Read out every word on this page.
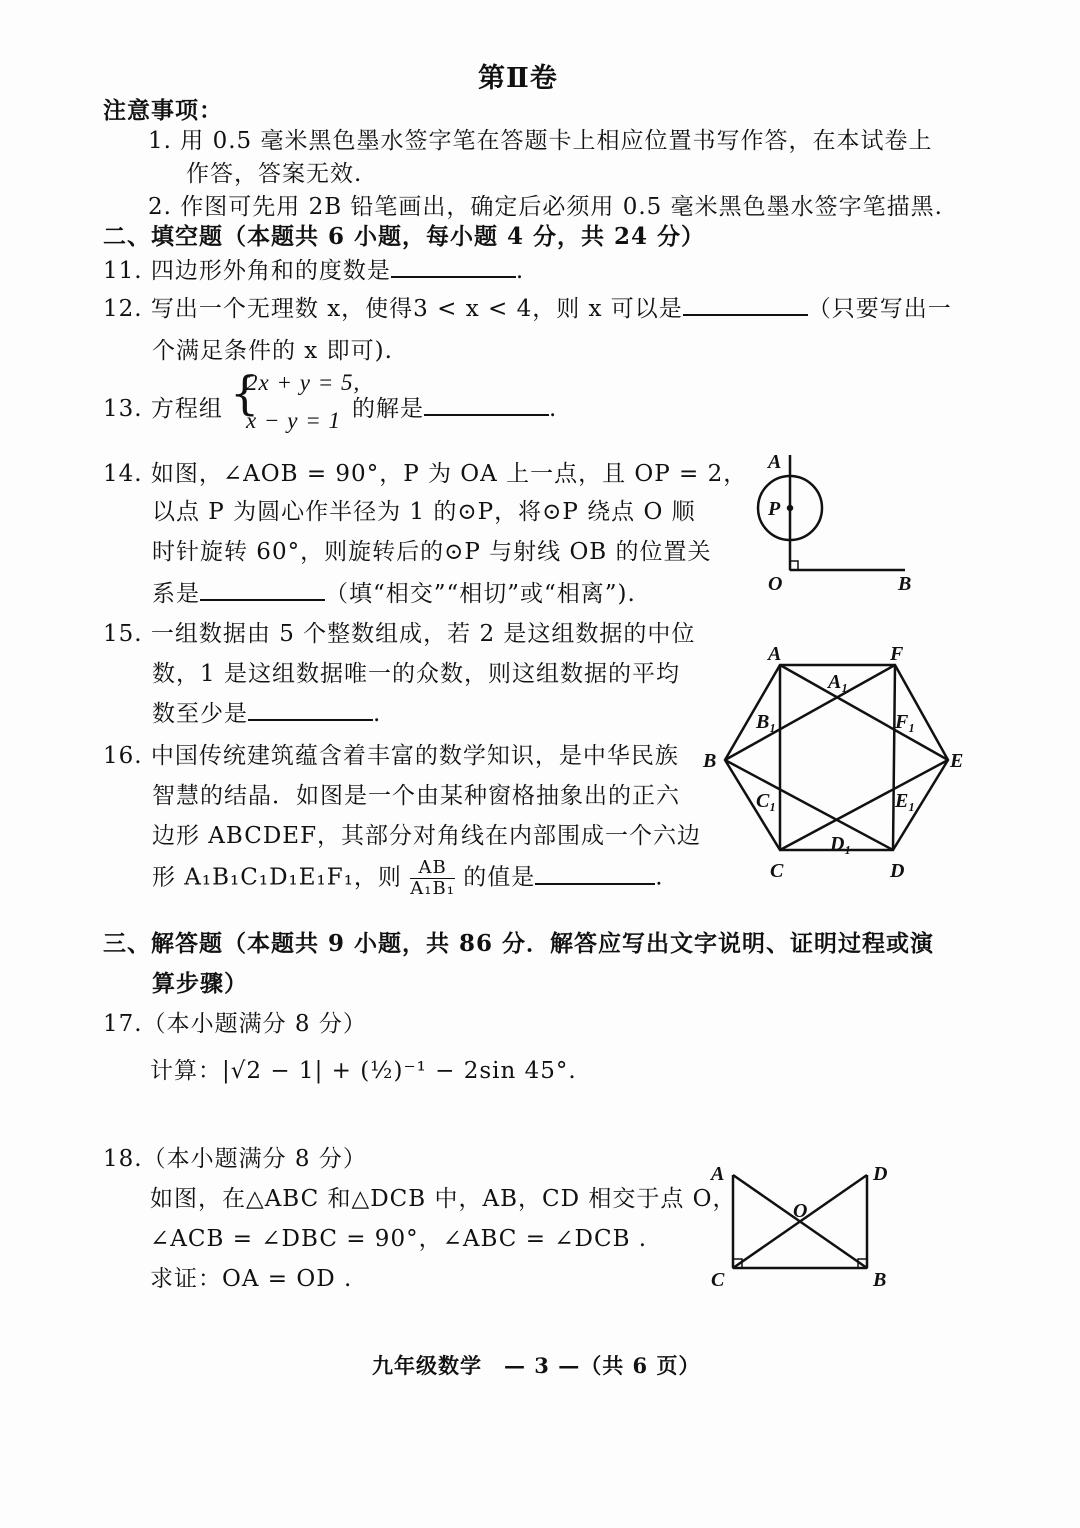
第Ⅱ卷
注意事项：
1. 用 0.5 毫米黑色墨水签字笔在答题卡上相应位置书写作答，在本试卷上
作答，答案无效.
2. 作图可先用 2B 铅笔画出，确定后必须用 0.5 毫米黑色墨水签字笔描黑.
二、填空题（本题共 6 小题，每小题 4 分，共 24 分）
11. 四边形外角和的度数是	.
12. 写出一个无理数 x，使得3 < x < 4，则 x 可以是	（只要写出一
个满足条件的 x 即可).
13. 方程组 {
2x + y = 5,
x − y = 1 的解是	.
14. 如图，∠AOB = 90°，P 为 OA 上一点，且 OP = 2，
以点 P 为圆心作半径为 1 的⊙P，将⊙P 绕点 O 顺
时针旋转 60°，则旋转后的⊙P 与射线 OB 的位置关
系是	（填“相交”“相切”或“相离”).
15. 一组数据由 5 个整数组成，若 2 是这组数据的中位
数，1 是这组数据唯一的众数，则这组数据的平均
数至少是	.
16. 中国传统建筑蕴含着丰富的数学知识，是中华民族
智慧的结晶．如图是一个由某种窗格抽象出的正六
边形 ABCDEF，其部分对角线在内部围成一个六边
形 A₁B₁C₁D₁E₁F₁，则 $\frac{AB}{\text{A₁B₁}}$ 的值是	.
三、解答题（本题共 9 小题，共 86 分．解答应写出文字说明、证明过程或演
算步骤）
17.（本小题满分 8 分）
计算：|√2 − 1| + (½)⁻¹ − 2sin 45°.
18.（本小题满分 8 分）
如图，在△ABC 和△DCB 中，AB，CD 相交于点 O，
∠ACB = ∠DBC = 90°，∠ABC = ∠DCB .
求证：OA = OD .
九年级数学　— 3 —（共 6 页）
A
P
O	B
A	F
B	E
C	D
A₁
B₁	F₁
C₁	E₁
D₁
A	D
O
C	B
